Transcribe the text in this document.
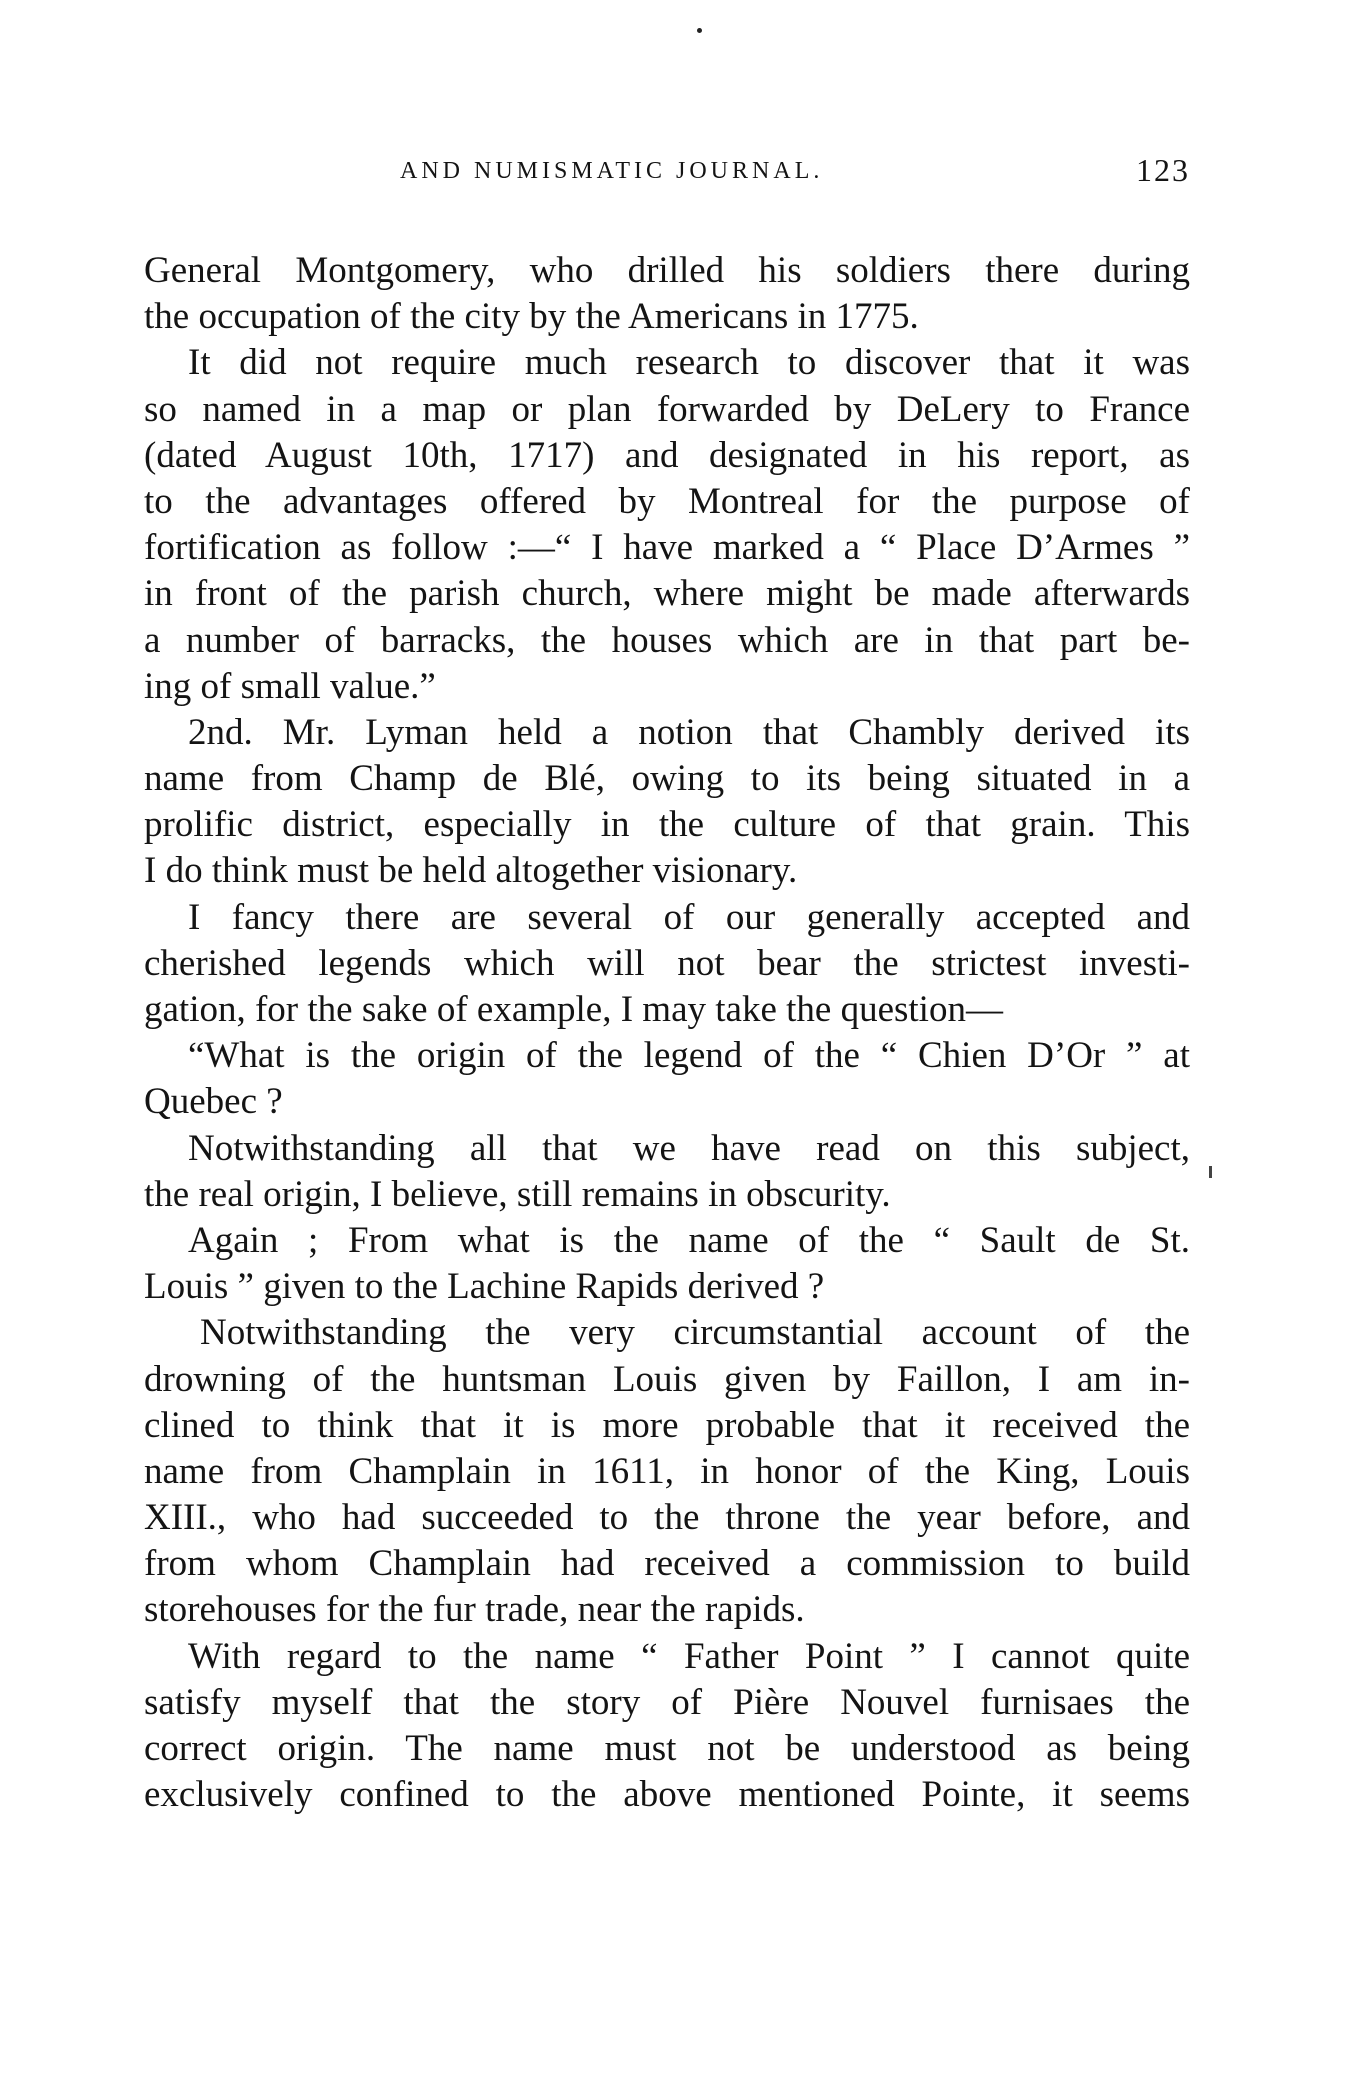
AND NUMISMATIC JOURNAL.	123
General Montgomery, who drilled his soldiers there during
the occupation of the city by the Americans in 1775.
It did not require much research to discover that it was
so named in a map or plan forwarded by DeLery to France
(dated August 10th, 1717) and designated in his report, as
to the advantages offered by Montreal for the purpose of
fortification as follow :—“ I have marked a “ Place D’Armes ”
in front of the parish church, where might be made afterwards
a number of barracks, the houses which are in that part be-
ing of small value.”
2nd. Mr. Lyman held a notion that Chambly derived its
name from Champ de Blé, owing to its being situated in a
prolific district, especially in the culture of that grain. This
I do think must be held altogether visionary.
I fancy there are several of our generally accepted and
cherished legends which will not bear the strictest investi-
gation, for the sake of example, I may take the question—
“What is the origin of the legend of the “ Chien D’Or ” at
Quebec ?
Notwithstanding all that we have read on this subject,
the real origin, I believe, still remains in obscurity.
Again ; From what is the name of the “ Sault de St.
Louis ” given to the Lachine Rapids derived ?
Notwithstanding the very circumstantial account of the
drowning of the huntsman Louis given by Faillon, I am in-
clined to think that it is more probable that it received the
name from Champlain in 1611, in honor of the King, Louis
XIII., who had succeeded to the throne the year before, and
from whom Champlain had received a commission to build
storehouses for the fur trade, near the rapids.
With regard to the name “ Father Point ” I cannot quite
satisfy myself that the story of Pière Nouvel furnisaes the
correct origin. The name must not be understood as being
exclusively confined to the above mentioned Pointe, it seems
